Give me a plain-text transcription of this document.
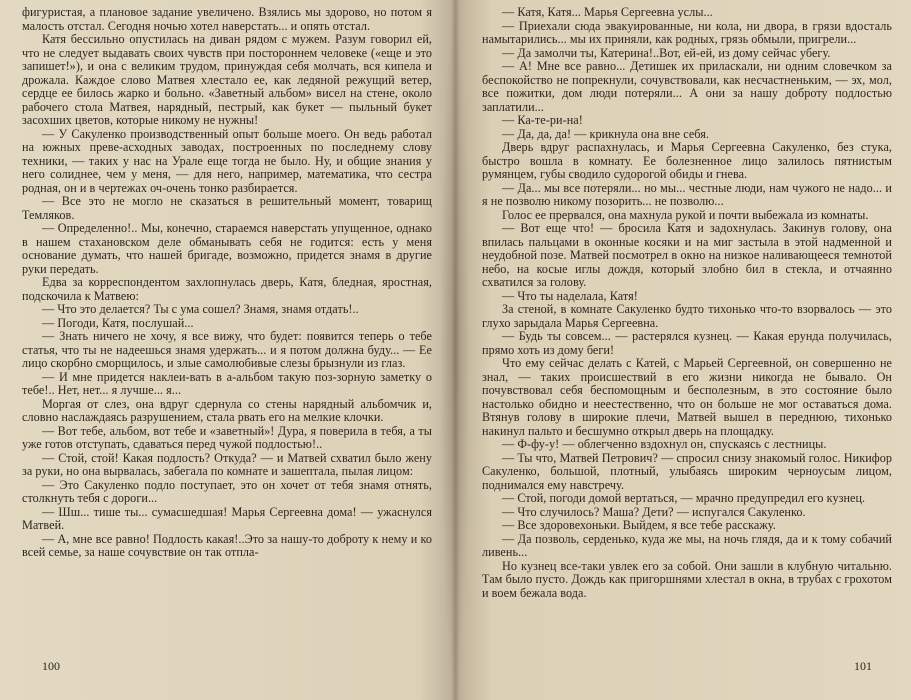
фигуристая, а плановое задание увеличено. Взялись мы здорово, но потом я малость отстал. Сегодня ночью хотел наверстать... и опять отстал.

Катя бессильно опустилась на диван рядом с мужем. Разум говорил ей, что не следует выдавать своих чувств при постороннем человеке («еще и это запишет!»), и она с великим трудом, принуждая себя молчать, вся кипела и дрожала. Каждое слово Матвея хлестало ее, как ледяной режущий ветер, сердце ее билось жарко и больно. «Заветный альбом» висел на стене, около рабочего стола Матвея, нарядный, пестрый, как букет — пыльный букет засохших цветов, которые никому не нужны!

— У Сакуленко производственный опыт больше моего. Он ведь работал на южных преве-асходных заводах, построенных по последнему слову техники, — таких у нас на Урале еще тогда не было. Ну, и общие знания у него солиднее, чем у меня, — для него, например, математика, что сестра родная, он и в чертежах оч-очень тонко разбирается.

— Все это не могло не сказаться в решительный момент, товарищ Темляков.

— Определенно!.. Мы, конечно, стараемся наверстать упущенное, однако в нашем стахановском деле обманывать себя не годится: есть у меня основание думать, что нашей бригаде, возможно, придется знамя в другие руки передать.

Едва за корреспондентом захлопнулась дверь, Катя, бледная, яростная, подскочила к Матвею:

— Что это делается? Ты с ума сошел? Знамя, знамя отдать!..

— Погоди, Катя, послушай...

— Знать ничего не хочу, я все вижу, что будет: появится теперь о тебе статья, что ты не надеешься знамя удержать... и я потом должна буду... — Ее лицо скорбно сморщилось, и злые самолюбивые слезы брызнули из глаз.

— И мне придется наклеи-вать в а-альбом такую поз-зорную заметку о тебе!.. Нет, нет... я лучше... я...

Моргая от слез, она вдруг сдернула со стены нарядный альбомчик и, словно наслаждаясь разрушением, стала рвать его на мелкие клочки.

— Вот тебе, альбом, вот тебе и «заветный»! Дура, я поверила в тебя, а ты уже готов отступать, сдаваться перед чужой подлостью!..

— Стой, стой! Какая подлость? Откуда? — и Матвей схватил было жену за руки, но она вырвалась, забегала по комнате и зашептала, пылая лицом:

— Это Сакуленко подло поступает, это он хочет от тебя знамя отнять, столкнуть тебя с дороги...

— Шш... тише ты... сумасшедшая! Марья Сергеевна дома! — ужаснулся Матвей.

— А, мне все равно! Подлость какая!..Это за нашу-то доброту к нему и ко всей семье, за наше сочувствие он так отпла-

100

— Катя, Катя... Марья Сергеевна услы...

— Приехали сюда эвакуированные, ни кола, ни двора, в грязи вдосталь намытарились... мы их приняли, как родных, грязь обмыли, пригрели...

— Да замолчи ты, Катерина!..Вот, ей-ей, из дому сейчас убегу.

— А! Мне все равно... Детишек их приласкали, ни одним словечком за беспокойство не попрекнули, сочувствовали, как несчастненьким, — эх, мол, все пожитки, дом люди потеряли... А они за нашу доброту подлостью заплатили...

— Ка-те-ри-на!

— Да, да, да! — крикнула она вне себя.

Дверь вдруг распахнулась, и Марья Сергеевна Сакуленко, без стука, быстро вошла в комнату. Ее болезненное лицо залилось пятнистым румянцем, губы сводило судорогой обиды и гнева.

— Да... мы все потеряли... но мы... честные люди, нам чужого не надо... и я не позволю никому позорить... не позволю...

Голос ее прервался, она махнула рукой и почти выбежала из комнаты.

— Вот еще что! — бросила Катя и задохнулась. Закинув голову, она впилась пальцами в оконные косяки и на миг застыла в этой надменной и неудобной позе. Матвей посмотрел в окно на низкое наливающееся темнотой небо, на косые иглы дождя, который злобно бил в стекла, и отчаянно схватился за голову.

— Что ты наделала, Катя!

За стеной, в комнате Сакуленко будто тихонько что-то взорвалось — это глухо зарыдала Марья Сергеевна.

— Будь ты совсем... — растерялся кузнец. — Какая ерунда получилась, прямо хоть из дому беги!

Что ему сейчас делать с Катей, с Марьей Сергеевной, он совершенно не знал, — таких происшествий в его жизни никогда не бывало. Он почувствовал себя беспомощным и бесполезным, в это состояние было настолько обидно и неестественно, что он больше не мог оставаться дома. Втянув голову в широкие плечи, Матвей вышел в переднюю, тихонько накинул пальто и бесшумно открыл дверь на площадку.

— Ф-фу-у! — облегченно вздохнул он, спускаясь с лестницы.

— Ты что, Матвей Петрович? — спросил снизу знакомый голос. Никифор Сакуленко, большой, плотный, улыбаясь широким черноусым лицом, поднимался ему навстречу.

— Стой, погоди домой вертаться, — мрачно предупредил его кузнец.

— Что случилось? Маша? Дети? — испугался Сакуленко.

— Все здоровехоньки. Выйдем, я все тебе расскажу.

— Да позволь, серденько, куда же мы, на ночь глядя, да и к тому собачий ливень...

Но кузнец все-таки увлек его за собой. Они зашли в клубную читальню. Там было пусто. Дождь как пригоршнями хлестал в окна, в трубах с грохотом и воем бежала вода.

101
